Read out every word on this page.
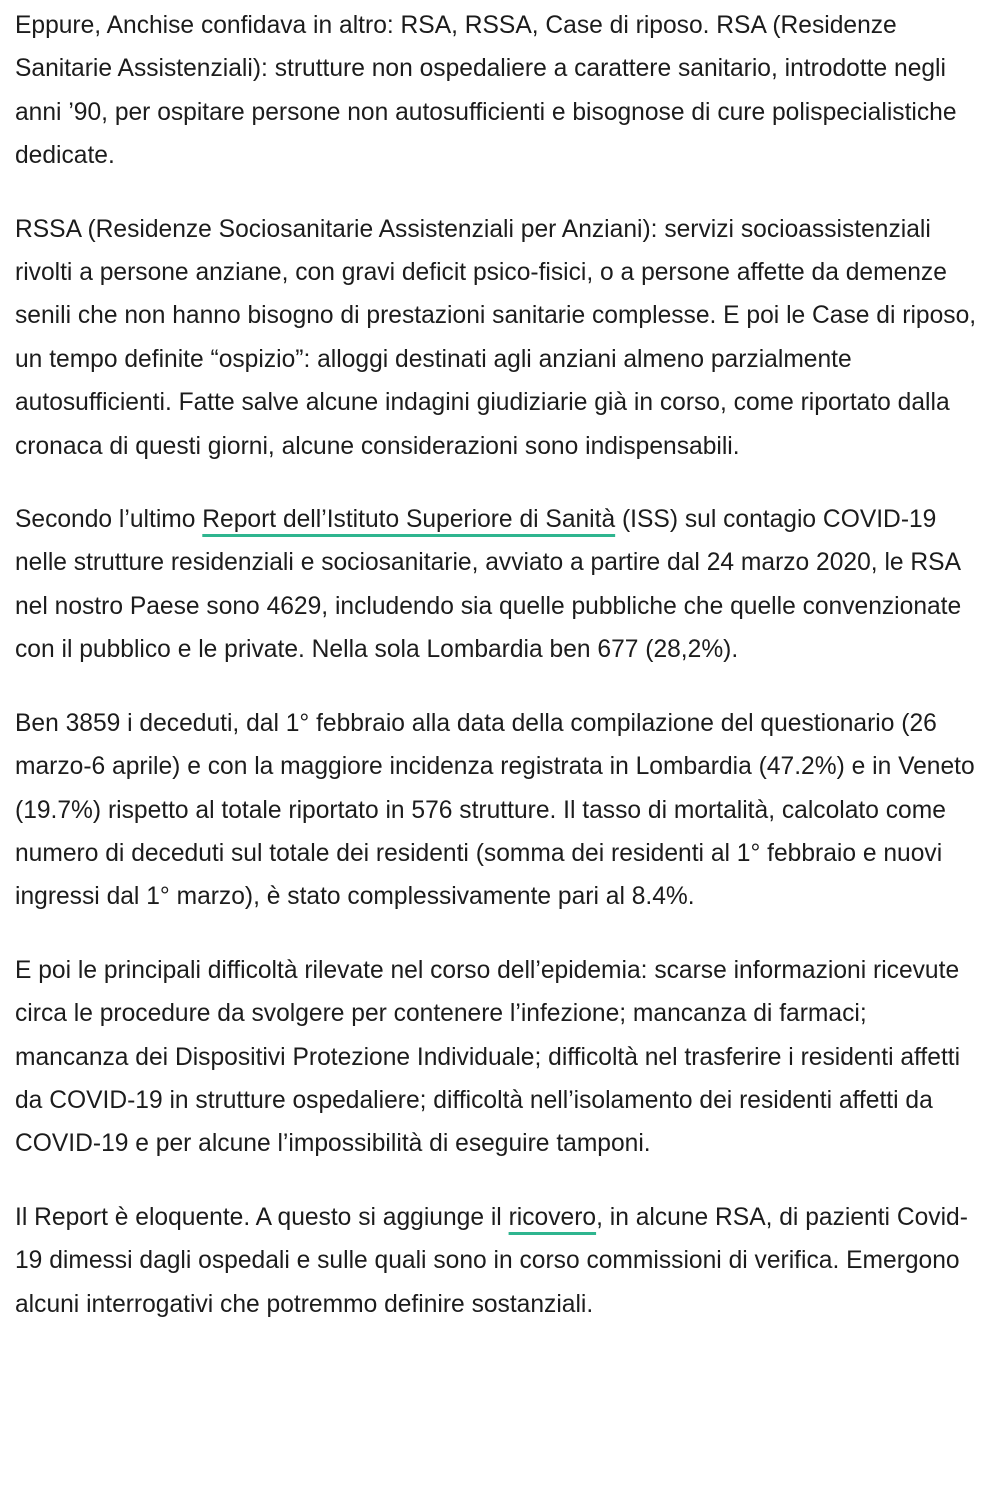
Eppure, Anchise confidava in altro: RSA, RSSA, Case di riposo. RSA (Residenze Sanitarie Assistenziali): strutture non ospedaliere a carattere sanitario, introdotte negli anni ’90, per ospitare persone non autosufficienti e bisognose di cure polispecialistiche dedicate.

RSSA (Residenze Sociosanitarie Assistenziali per Anziani): servizi socioassistenziali rivolti a persone anziane, con gravi deficit psico-fisici, o a persone affette da demenze senili che non hanno bisogno di prestazioni sanitarie complesse. E poi le Case di riposo, un tempo definite “ospizio”: alloggi destinati agli anziani almeno parzialmente autosufficienti. Fatte salve alcune indagini giudiziarie già in corso, come riportato dalla cronaca di questi giorni, alcune considerazioni sono indispensabili.

Secondo l’ultimo Report dell’Istituto Superiore di Sanità (ISS) sul contagio COVID-19 nelle strutture residenziali e sociosanitarie, avviato a partire dal 24 marzo 2020, le RSA nel nostro Paese sono 4629, includendo sia quelle pubbliche che quelle convenzionate con il pubblico e le private. Nella sola Lombardia ben 677 (28,2%).

Ben 3859 i deceduti, dal 1° febbraio alla data della compilazione del questionario (26 marzo-6 aprile) e con la maggiore incidenza registrata in Lombardia (47.2%) e in Veneto (19.7%) rispetto al totale riportato in 576 strutture. Il tasso di mortalità, calcolato come numero di deceduti sul totale dei residenti (somma dei residenti al 1° febbraio e nuovi ingressi dal 1° marzo), è stato complessivamente pari al 8.4%.

E poi le principali difficoltà rilevate nel corso dell’epidemia: scarse informazioni ricevute circa le procedure da svolgere per contenere l’infezione; mancanza di farmaci; mancanza dei Dispositivi Protezione Individuale; difficoltà nel trasferire i residenti affetti da COVID-19 in strutture ospedaliere; difficoltà nell’isolamento dei residenti affetti da COVID-19 e per alcune l’impossibilità di eseguire tamponi.

Il Report è eloquente. A questo si aggiunge il ricovero, in alcune RSA, di pazienti Covid-19 dimessi dagli ospedali e sulle quali sono in corso commissioni di verifica. Emergono alcuni interrogativi che potremmo definire sostanziali.
